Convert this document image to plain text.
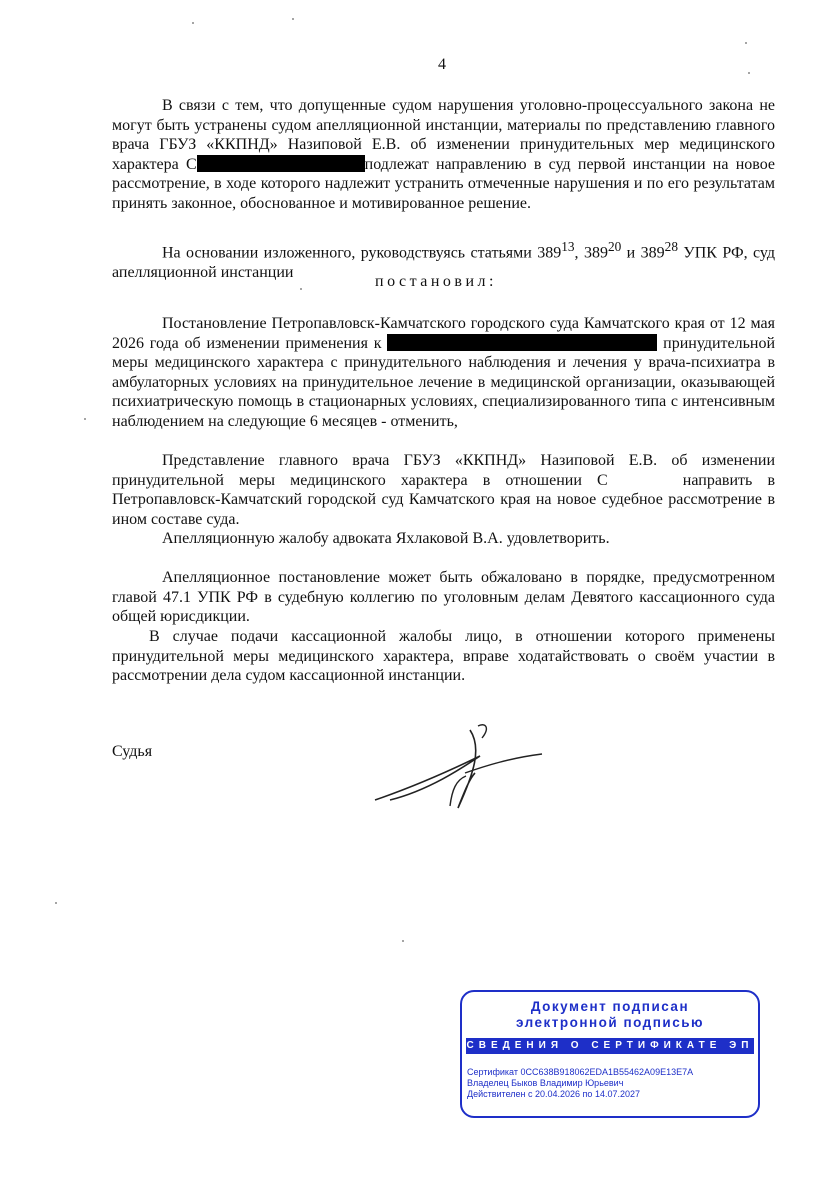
4

В связи с тем, что допущенные судом нарушения уголовно-процессуального закона не могут быть устранены судом апелляционной инстанции, материалы по представлению главного врача ГБУЗ «ККПНД» Назиповой Е.В. об изменении принудительных мер медицинского характера С	подлежат направлению в суд первой инстанции на новое рассмотрение, в ходе которого надлежит устранить отмеченные нарушения и по его результатам принять законное, обоснованное и мотивированное решение.

На основании изложенного, руководствуясь статьями $389^{13}$, $389^{20}$ и $389^{28}$ УПК РФ, суд апелляционной инстанции

постановил:

Постановление Петропавловск-Камчатского городского суда Камчатского края от 12 мая 2026 года об изменении применения к	принудительной меры медицинского характера с принудительного наблюдения и лечения у врача-психиатра в амбулаторных условиях на принудительное лечение в медицинской организации, оказывающей психиатрическую помощь в стационарных условиях, специализированного типа с интенсивным наблюдением на следующие 6 месяцев - отменить,

Представление главного врача ГБУЗ «ККПНД» Назиповой Е.В. об изменении принудительной меры медицинского характера в отношении С	направить в Петропавловск-Камчатский городской суд Камчатского края на новое судебное рассмотрение в ином составе суда.

Апелляционную жалобу адвоката Яхлаковой В.А. удовлетворить.

Апелляционное постановление может быть обжаловано в порядке, предусмотренном главой 47.1 УПК РФ в судебную коллегию по уголовным делам Девятого кассационного суда общей юрисдикции.

В случае подачи кассационной жалобы лицо, в отношении которого применены принудительной меры медицинского характера, вправе ходатайствовать о своём участии в рассмотрении дела судом кассационной инстанции.

Судья
Документ подписан
электронной подписью
СВЕДЕНИЯ О СЕРТИФИКАТЕ ЭП
Сертификат 0CC638B918062EDA1B55462A09E13E7A
Владелец Быков Владимир Юрьевич
Действителен с 20.04.2026 по 14.07.2027
